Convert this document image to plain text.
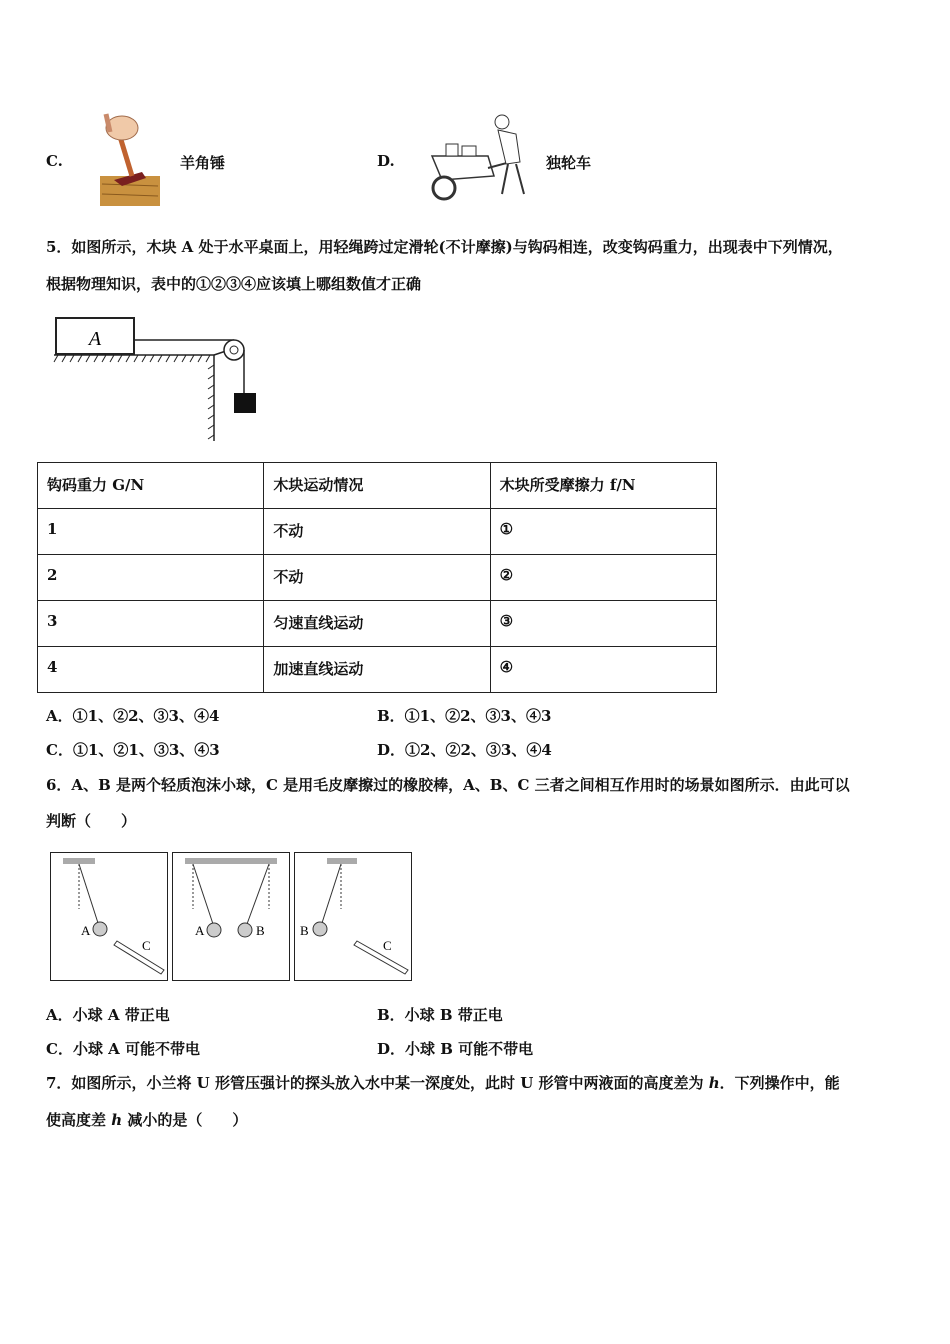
C.	羊角锤	D.	独轮车
5．如图所示，木块 A 处于水平桌面上，用轻绳跨过定滑轮(不计摩擦)与钩码相连，改变钩码重力，出现表中下列情况，
根据物理知识，表中的①②③④应该填上哪组数值才正确
A
钩码重力 G/N	木块运动情况	木块所受摩擦力 f/N
1	不动	①
2	不动	②
3	匀速直线运动	③
4	加速直线运动	④
A．①1、②2、③3、④4	B．①1、②2、③3、④3
C．①1、②1、③3、④3	D．①2、②2、③3、④4
6．A、B 是两个轻质泡沫小球，C 是用毛皮摩擦过的橡胶棒，A、B、C 三者之间相互作用时的场景如图所示．由此可以
判断（　　）
A
C
A	B	B
C
A．小球 A 带正电	B．小球 B 带正电
C．小球 A 可能不带电	D．小球 B 可能不带电
7．如图所示，小兰将 U 形管压强计的探头放入水中某一深度处，此时 U 形管中两液面的高度差为 h．下列操作中，能
使高度差 h 减小的是（　　）
